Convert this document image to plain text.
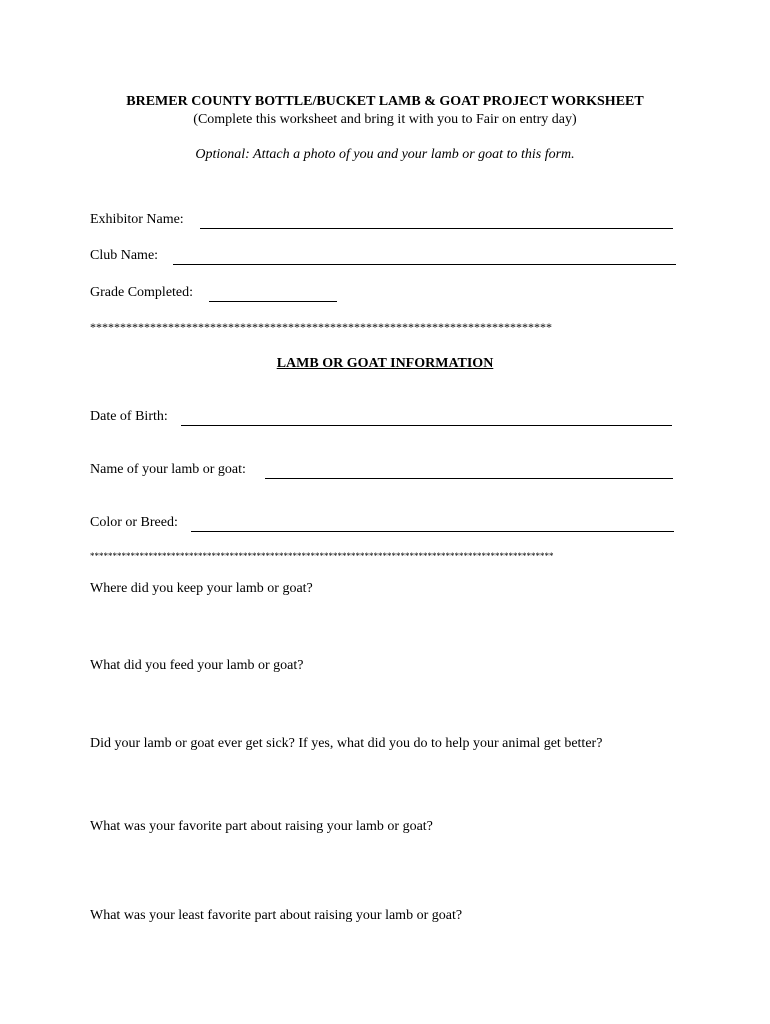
BREMER COUNTY BOTTLE/BUCKET LAMB & GOAT PROJECT WORKSHEET
(Complete this worksheet and bring it with you to Fair on entry day)
Optional: Attach a photo of you and your lamb or goat to this form.
Exhibitor Name:
Club Name:
Grade Completed:
*****************************************************************************
LAMB OR GOAT INFORMATION
Date of Birth:
Name of your lamb or goat:
Color or Breed:
*******************************************************************************************************
Where did you keep your lamb or goat?
What did you feed your lamb or goat?
Did your lamb or goat ever get sick? If yes, what did you do to help your animal get better?
What was your favorite part about raising your lamb or goat?
What was your least favorite part about raising your lamb or goat?
